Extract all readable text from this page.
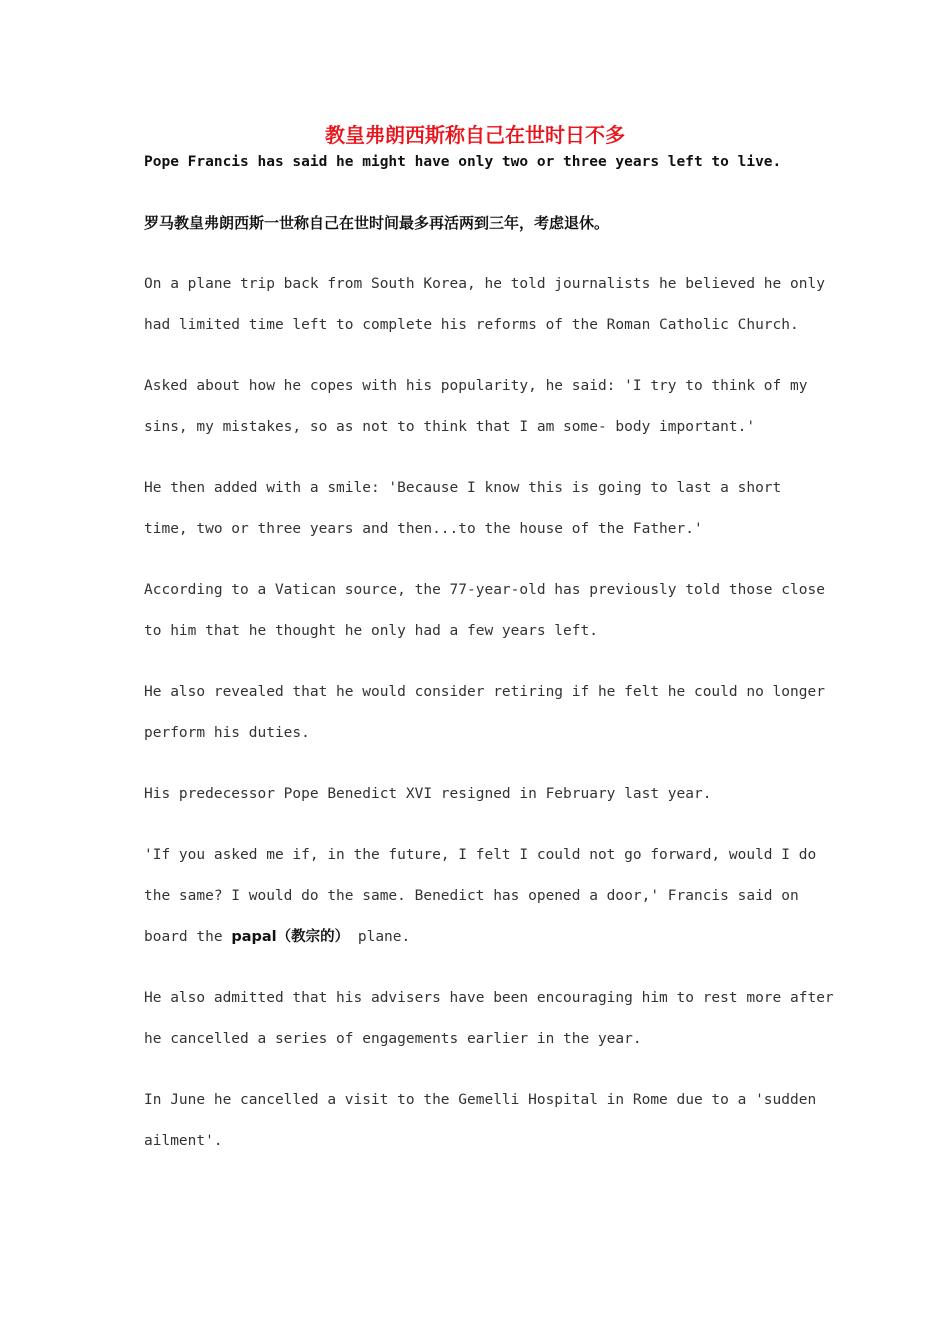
教皇弗朗西斯称自己在世时日不多
Pope Francis has said he might have only two or three years left to live.
罗马教皇弗朗西斯一世称自己在世时间最多再活两到三年，考虑退休。
On a plane trip back from South Korea, he told journalists he believed he only
had limited time left to complete his reforms of the Roman Catholic Church.
Asked about how he copes with his popularity, he said: 'I try to think of my
sins, my mistakes, so as not to think that I am some- body important.'
He then added with a smile: 'Because I know this is going to last a short
time, two or three years and then...to the house of the Father.'
According to a Vatican source, the 77-year-old has previously told those close
to him that he thought he only had a few years left.
He also revealed that he would consider retiring if he felt he could no longer
perform his duties.
His predecessor Pope Benedict XVI resigned in February last year.
'If you asked me if, in the future, I felt I could not go forward, would I do
the same? I would do the same. Benedict has opened a door,' Francis said on
board the papal（教宗的） plane.
He also admitted that his advisers have been encouraging him to rest more after
he cancelled a series of engagements earlier in the year.
In June he cancelled a visit to the Gemelli Hospital in Rome due to a 'sudden
ailment'.
